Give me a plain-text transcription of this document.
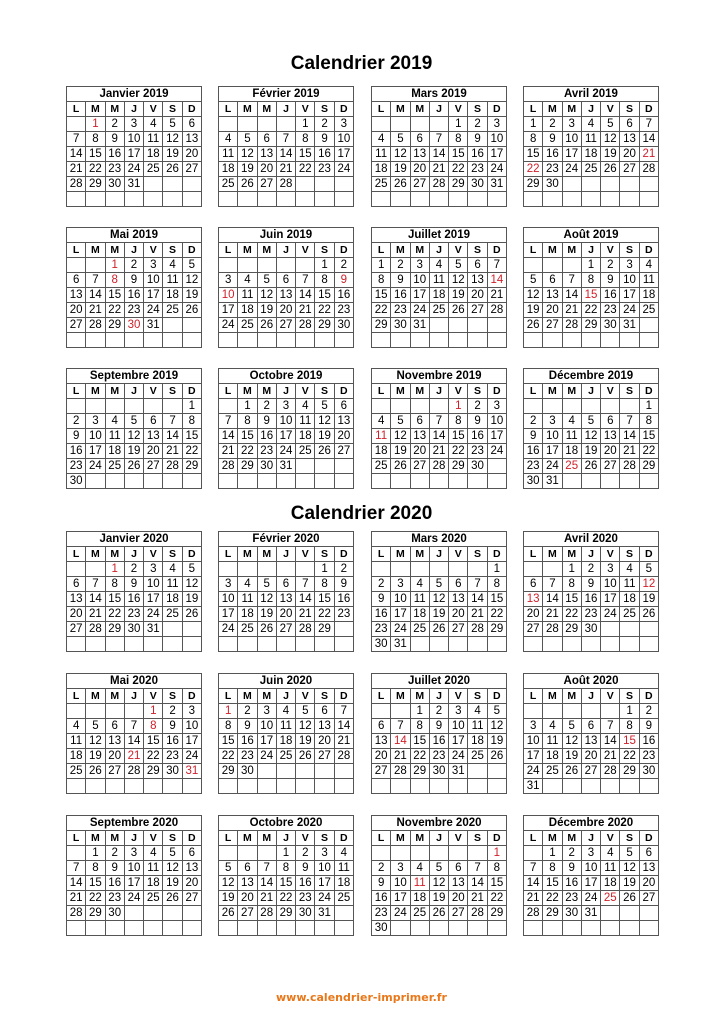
Calendrier 2019
Calendrier 2020
Janvier 2019						
L	M	M	J	V	S	D
	1	2	3	4	5	6
7	8	9	10	11	12	13
14	15	16	17	18	19	20
21	22	23	24	25	26	27
28	29	30	31			

Février 2019						
L	M	M	J	V	S	D
				1	2	3
4	5	6	7	8	9	10
11	12	13	14	15	16	17
18	19	20	21	22	23	24
25	26	27	28			

Mars 2019						
L	M	M	J	V	S	D
				1	2	3
4	5	6	7	8	9	10
11	12	13	14	15	16	17
18	19	20	21	22	23	24
25	26	27	28	29	30	31

Avril 2019						
L	M	M	J	V	S	D
1	2	3	4	5	6	7
8	9	10	11	12	13	14
15	16	17	18	19	20	21
22	23	24	25	26	27	28
29	30					

Mai 2019						
L	M	M	J	V	S	D
		1	2	3	4	5
6	7	8	9	10	11	12
13	14	15	16	17	18	19
20	21	22	23	24	25	26
27	28	29	30	31		

Juin 2019						
L	M	M	J	V	S	D
					1	2
3	4	5	6	7	8	9
10	11	12	13	14	15	16
17	18	19	20	21	22	23
24	25	26	27	28	29	30

Juillet 2019						
L	M	M	J	V	S	D
1	2	3	4	5	6	7
8	9	10	11	12	13	14
15	16	17	18	19	20	21
22	23	24	25	26	27	28
29	30	31				

Août 2019						
L	M	M	J	V	S	D
			1	2	3	4
5	6	7	8	9	10	11
12	13	14	15	16	17	18
19	20	21	22	23	24	25
26	27	28	29	30	31	

Septembre 2019						
L	M	M	J	V	S	D
						1
2	3	4	5	6	7	8
9	10	11	12	13	14	15
16	17	18	19	20	21	22
23	24	25	26	27	28	29
30						
Octobre 2019						
L	M	M	J	V	S	D
	1	2	3	4	5	6
7	8	9	10	11	12	13
14	15	16	17	18	19	20
21	22	23	24	25	26	27
28	29	30	31			

Novembre 2019						
L	M	M	J	V	S	D
				1	2	3
4	5	6	7	8	9	10
11	12	13	14	15	16	17
18	19	20	21	22	23	24
25	26	27	28	29	30	

Décembre 2019						
L	M	M	J	V	S	D
						1
2	3	4	5	6	7	8
9	10	11	12	13	14	15
16	17	18	19	20	21	22
23	24	25	26	27	28	29
30	31					
Janvier 2020						
L	M	M	J	V	S	D
		1	2	3	4	5
6	7	8	9	10	11	12
13	14	15	16	17	18	19
20	21	22	23	24	25	26
27	28	29	30	31		

Février 2020						
L	M	M	J	V	S	D
					1	2
3	4	5	6	7	8	9
10	11	12	13	14	15	16
17	18	19	20	21	22	23
24	25	26	27	28	29	

Mars 2020						
L	M	M	J	V	S	D
						1
2	3	4	5	6	7	8
9	10	11	12	13	14	15
16	17	18	19	20	21	22
23	24	25	26	27	28	29
30	31					
Avril 2020						
L	M	M	J	V	S	D
		1	2	3	4	5
6	7	8	9	10	11	12
13	14	15	16	17	18	19
20	21	22	23	24	25	26
27	28	29	30			

Mai 2020						
L	M	M	J	V	S	D
				1	2	3
4	5	6	7	8	9	10
11	12	13	14	15	16	17
18	19	20	21	22	23	24
25	26	27	28	29	30	31

Juin 2020						
L	M	M	J	V	S	D
1	2	3	4	5	6	7
8	9	10	11	12	13	14
15	16	17	18	19	20	21
22	23	24	25	26	27	28
29	30					

Juillet 2020						
L	M	M	J	V	S	D
		1	2	3	4	5
6	7	8	9	10	11	12
13	14	15	16	17	18	19
20	21	22	23	24	25	26
27	28	29	30	31		

Août 2020						
L	M	M	J	V	S	D
					1	2
3	4	5	6	7	8	9
10	11	12	13	14	15	16
17	18	19	20	21	22	23
24	25	26	27	28	29	30
31						
Septembre 2020						
L	M	M	J	V	S	D
	1	2	3	4	5	6
7	8	9	10	11	12	13
14	15	16	17	18	19	20
21	22	23	24	25	26	27
28	29	30				

Octobre 2020						
L	M	M	J	V	S	D
			1	2	3	4
5	6	7	8	9	10	11
12	13	14	15	16	17	18
19	20	21	22	23	24	25
26	27	28	29	30	31	

Novembre 2020						
L	M	M	J	V	S	D
						1
2	3	4	5	6	7	8
9	10	11	12	13	14	15
16	17	18	19	20	21	22
23	24	25	26	27	28	29
30						
Décembre 2020						
L	M	M	J	V	S	D
	1	2	3	4	5	6
7	8	9	10	11	12	13
14	15	16	17	18	19	20
21	22	23	24	25	26	27
28	29	30	31			

www.calendrier-imprimer.fr
